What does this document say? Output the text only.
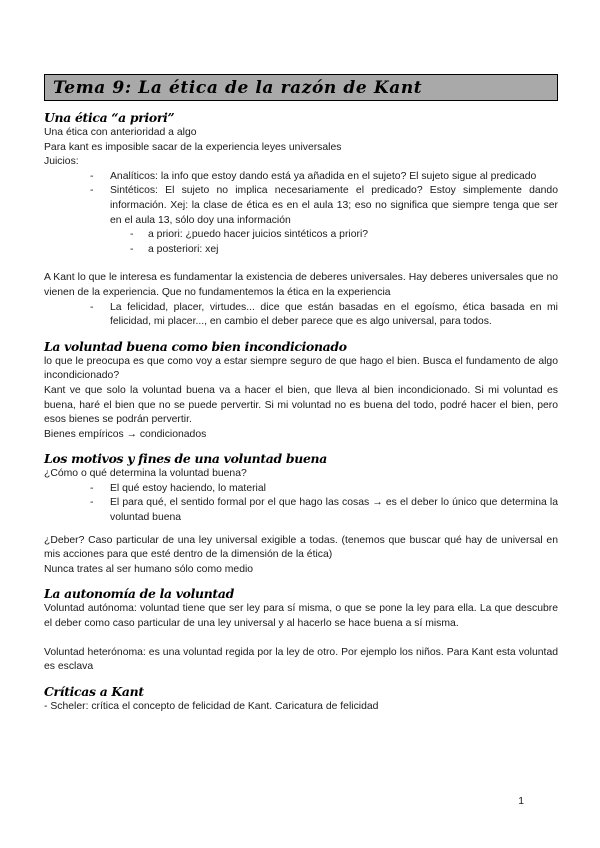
Tema 9: La ética de la razón de Kant
Una ética “a priori”
Una ética con anterioridad a algo
Para kant es imposible sacar de la experiencia leyes universales
Juicios:
- Analíticos: la info que estoy dando está ya añadida en el sujeto? El sujeto sigue al predicado
- Sintéticos: El sujeto no implica necesariamente el predicado? Estoy simplemente dando información. Xej: la clase de ética es en el aula 13; eso no significa que siempre tenga que ser en el aula 13, sólo doy una información
- a priori: ¿puedo hacer juicios sintéticos a priori?
- a posteriori: xej
A Kant lo que le interesa es fundamentar la existencia de deberes universales. Hay deberes universales que no vienen de la experiencia. Que no fundamentemos la ética en la experiencia
- La felicidad, placer, virtudes... dice que están basadas en el egoísmo, ética basada en mi felicidad, mi placer..., en cambio el deber parece que es algo universal, para todos.
La voluntad buena como bien incondicionado
lo que le preocupa es que como voy a estar siempre seguro de que hago el bien. Busca el fundamento de algo incondicionado?
Kant ve que solo la voluntad buena va a hacer el bien, que lleva al bien incondicionado. Si mi voluntad es buena, haré el bien que no se puede pervertir. Si mi voluntad no es buena del todo, podré hacer el bien, pero esos bienes se podrán pervertir.
Bienes empíricos → condicionados
Los motivos y fines de una voluntad buena
¿Cómo o qué determina la voluntad buena?
- El qué estoy haciendo, lo material
- El para qué, el sentido formal por el que hago las cosas → es el deber lo único que determina la voluntad buena
¿Deber? Caso particular de una ley universal exigible a todas. (tenemos que buscar qué hay de universal en mis acciones para que esté dentro de la dimensión de la ética)
Nunca trates al ser humano sólo como medio
La autonomía de la voluntad
Voluntad autónoma: voluntad tiene que ser ley para sí misma, o que se pone la ley para ella. La que descubre el deber como caso particular de una ley universal y al hacerlo se hace buena a sí misma.
Voluntad heterónoma: es una voluntad regida por la ley de otro. Por ejemplo los niños. Para Kant esta voluntad es esclava
Críticas a Kant
- Scheler: crítica el concepto de felicidad de Kant. Caricatura de felicidad
1
